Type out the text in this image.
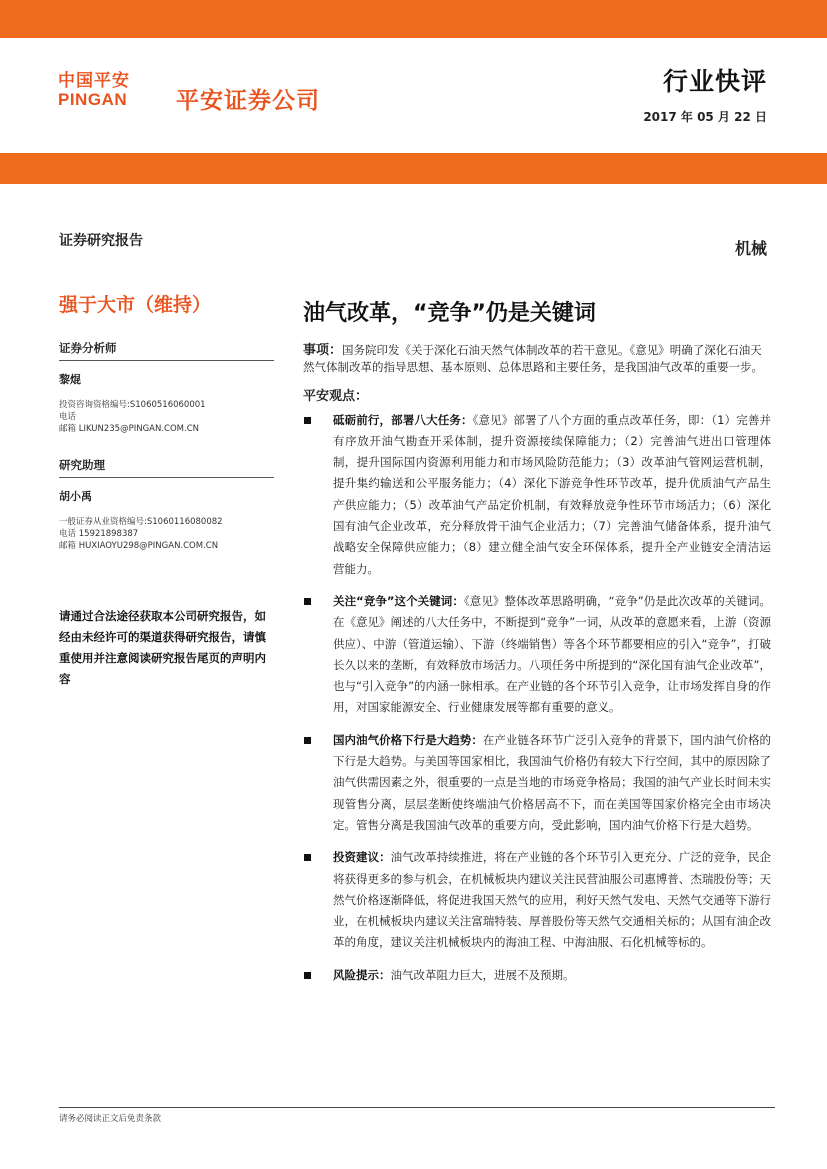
中国平安
PINGAN 平安证券公司
行业快评
2017 年 05 月 22 日
证券研究报告	机械
强于大市（维持）	油气改革，“竞争”仍是关键词
证券分析师
黎焜
投资咨询资格编号:S1060516060001
电话
邮箱 LIKUN235@PINGAN.COM.CN
研究助理
胡小禹
一般证券从业资格编号:S1060116080082
电话 15921898387
邮箱 HUXIAOYU298@PINGAN.COM.CN
请通过合法途径获取本公司研究报告，如经由未经许可的渠道获得研究报告，请慎重使用并注意阅读研究报告尾页的声明内容
事项：国务院印发《关于深化石油天然气体制改革的若干意见。《意见》明确了深化石油天然气体制改革的指导思想、基本原则、总体思路和主要任务，是我国油气改革的重要一步。
平安观点：
砥砺前行，部署八大任务：《意见》部署了八个方面的重点改革任务，即：（1）完善并有序放开油气勘查开采体制，提升资源接续保障能力；（2）完善油气进出口管理体制，提升国际国内资源利用能力和市场风险防范能力；（3）改革油气管网运营机制，提升集约输送和公平服务能力；（4）深化下游竞争性环节改革，提升优质油气产品生产供应能力；（5）改革油气产品定价机制，有效释放竞争性环节市场活力；（6）深化国有油气企业改革，充分释放骨干油气企业活力；（7）完善油气储备体系，提升油气战略安全保障供应能力；（8）建立健全油气安全环保体系，提升全产业链安全清洁运营能力。
关注“竞争”这个关键词：《意见》整体改革思路明确，“竞争”仍是此次改革的关键词。在《意见》阐述的八大任务中，不断提到“竞争”一词，从改革的意愿来看，上游（资源供应）、中游（管道运输）、下游（终端销售）等各个环节都要相应的引入“竞争”，打破长久以来的垄断，有效释放市场活力。八项任务中所提到的“深化国有油气企业改革”，也与“引入竞争”的内涵一脉相承。在产业链的各个环节引入竞争，让市场发挥自身的作用，对国家能源安全、行业健康发展等都有重要的意义。
国内油气价格下行是大趋势：在产业链各环节广泛引入竞争的背景下，国内油气价格的下行是大趋势。与美国等国家相比，我国油气价格仍有较大下行空间，其中的原因除了油气供需因素之外，很重要的一点是当地的市场竞争格局；我国的油气产业长时间未实现管售分离，层层垄断使终端油气价格居高不下，而在美国等国家价格完全由市场决定。管售分离是我国油气改革的重要方向，受此影响，国内油气价格下行是大趋势。
投资建议：油气改革持续推进，将在产业链的各个环节引入更充分、广泛的竞争，民企将获得更多的参与机会，在机械板块内建议关注民营油服公司惠博普、杰瑞股份等；天然气价格逐渐降低，将促进我国天然气的应用，利好天然气发电、天然气交通等下游行业，在机械板块内建议关注富瑞特装、厚普股份等天然气交通相关标的；从国有油企改革的角度，建议关注机械板块内的海油工程、中海油服、石化机械等标的。
风险提示：油气改革阻力巨大，进展不及预期。
请务必阅读正文后免责条款
